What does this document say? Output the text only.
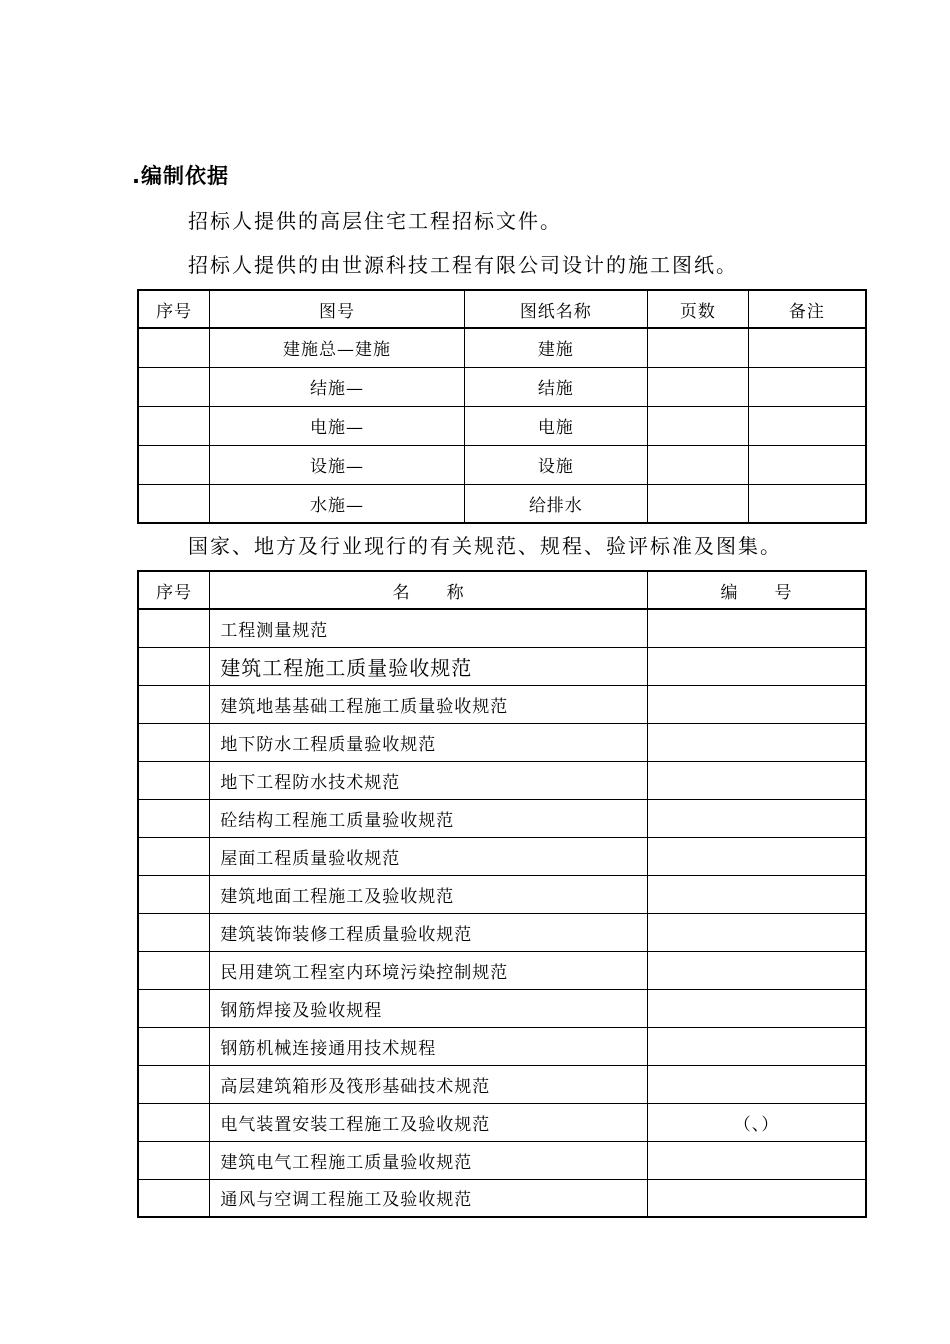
.编制依据
招标人提供的高层住宅工程招标文件。
招标人提供的由世源科技工程有限公司设计的施工图纸。
序号	图号	图纸名称	页数	备注
	建施总—建施	建施		
	结施—	结施		
	电施—	电施		
	设施—	设施		
	水施—	给排水		
国家、地方及行业现行的有关规范、规程、验评标准及图集。
序号	名　　称	编　　号
	工程测量规范	
	建筑工程施工质量验收规范	
	建筑地基基础工程施工质量验收规范	
	地下防水工程质量验收规范	
	地下工程防水技术规范	
	砼结构工程施工质量验收规范	
	屋面工程质量验收规范	
	建筑地面工程施工及验收规范	
	建筑装饰装修工程质量验收规范	
	民用建筑工程室内环境污染控制规范	
	钢筋焊接及验收规程	
	钢筋机械连接通用技术规程	
	高层建筑箱形及筏形基础技术规范	
	电气装置安装工程施工及验收规范	（、）
	建筑电气工程施工质量验收规范	
	通风与空调工程施工及验收规范	
